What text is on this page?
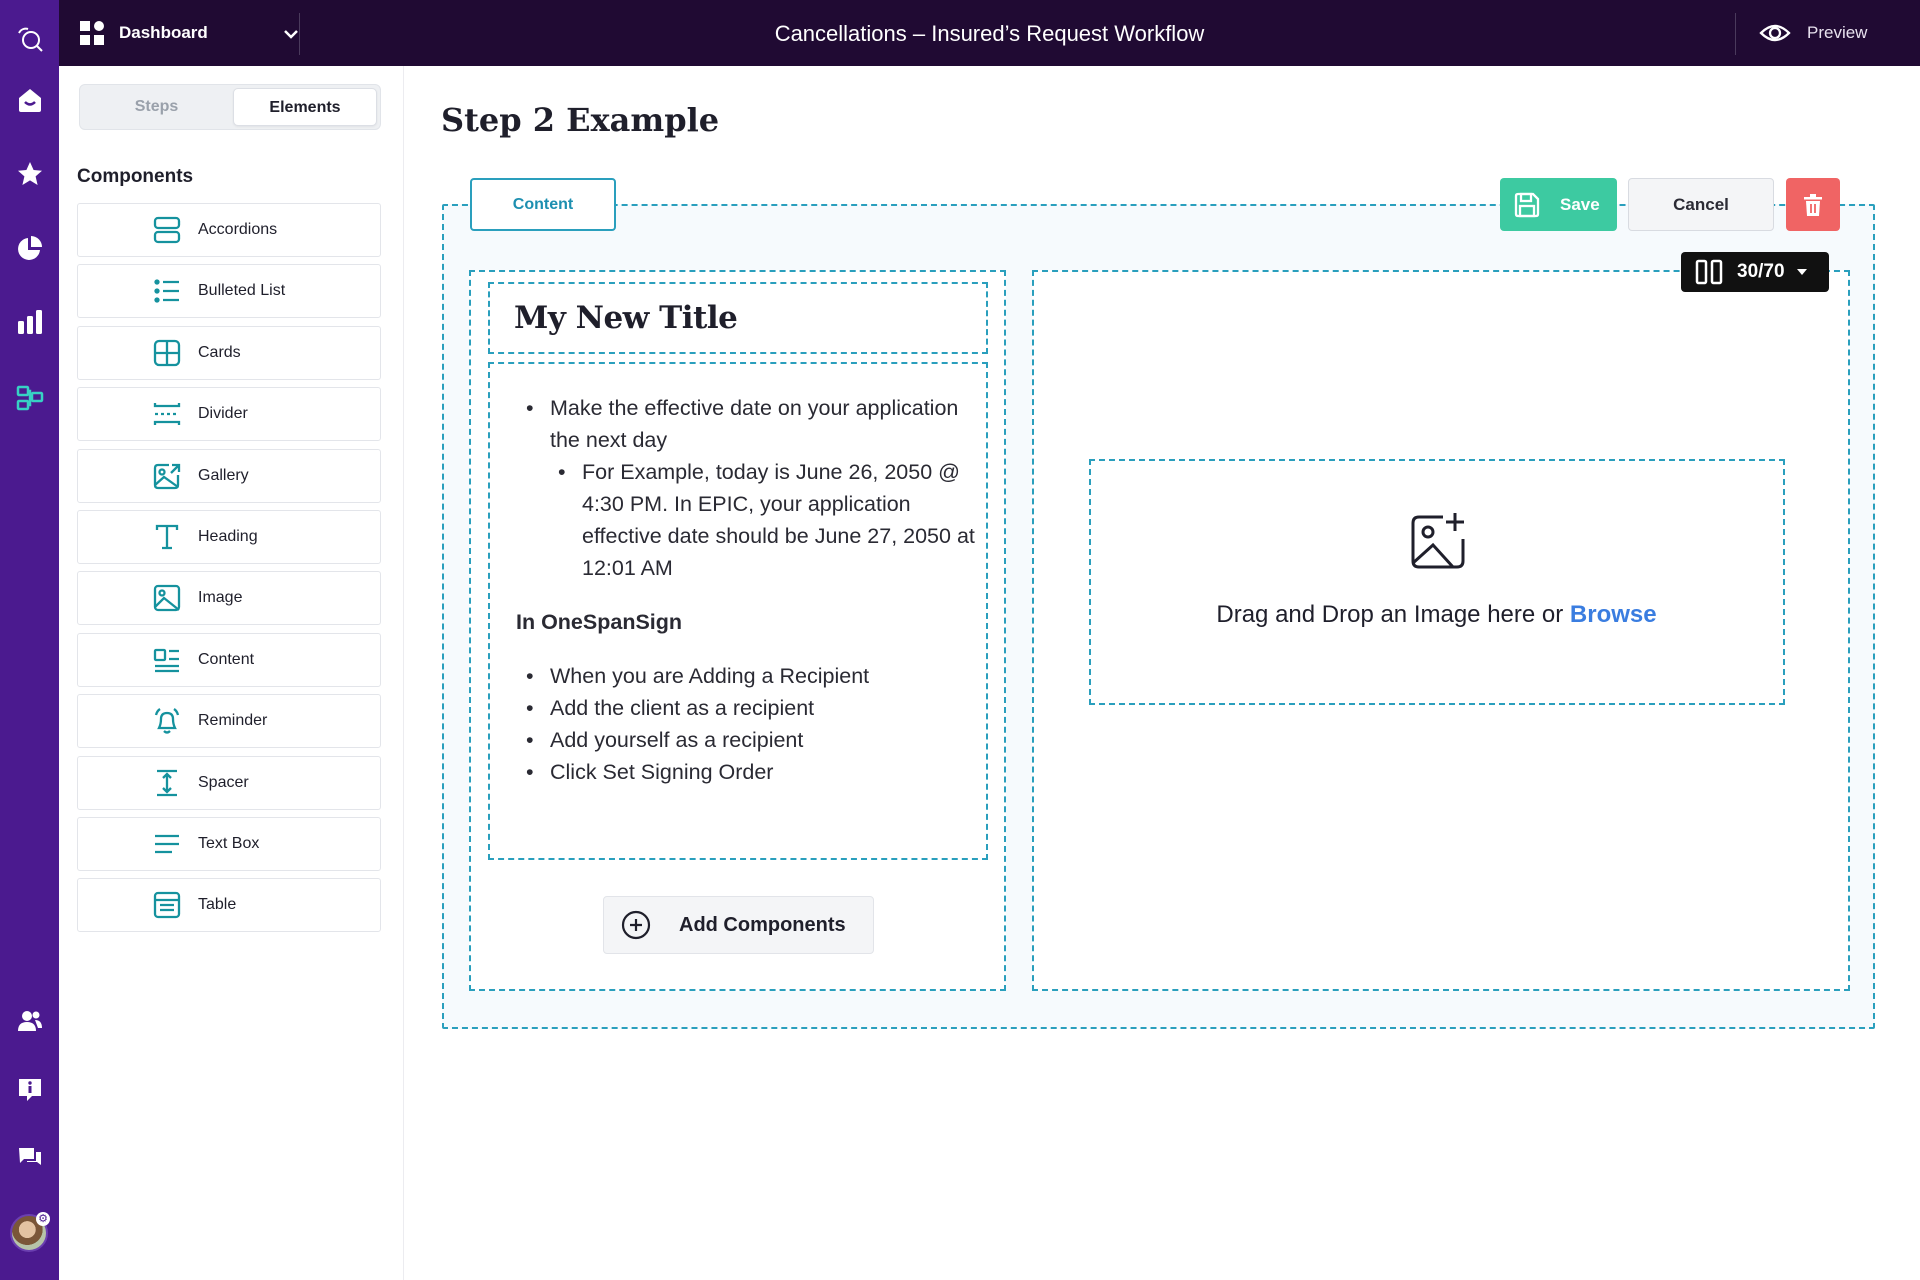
⚙
Dashboard	Cancellations – Insured’s Request Workflow	Preview
Steps	Elements
Components
Accordions
Bulleted List
Cards
Divider
Gallery
Heading
Image
Content
Reminder
Spacer
Text Box
Table
Step 2 Example
Content	Save	Cancel
My New Title
• Make the effective date on your application the next day
• For Example, today is June 26, 2050 @ 4:30 PM. In EPIC, your application effective date should be June 27, 2050 at 12:01 AM
In OneSpanSign
• When you are Adding a Recipient
• Add the client as a recipient
• Add yourself as a recipient
• Click Set Signing Order
Add Components
30/70
Drag and Drop an Image here or Browse
